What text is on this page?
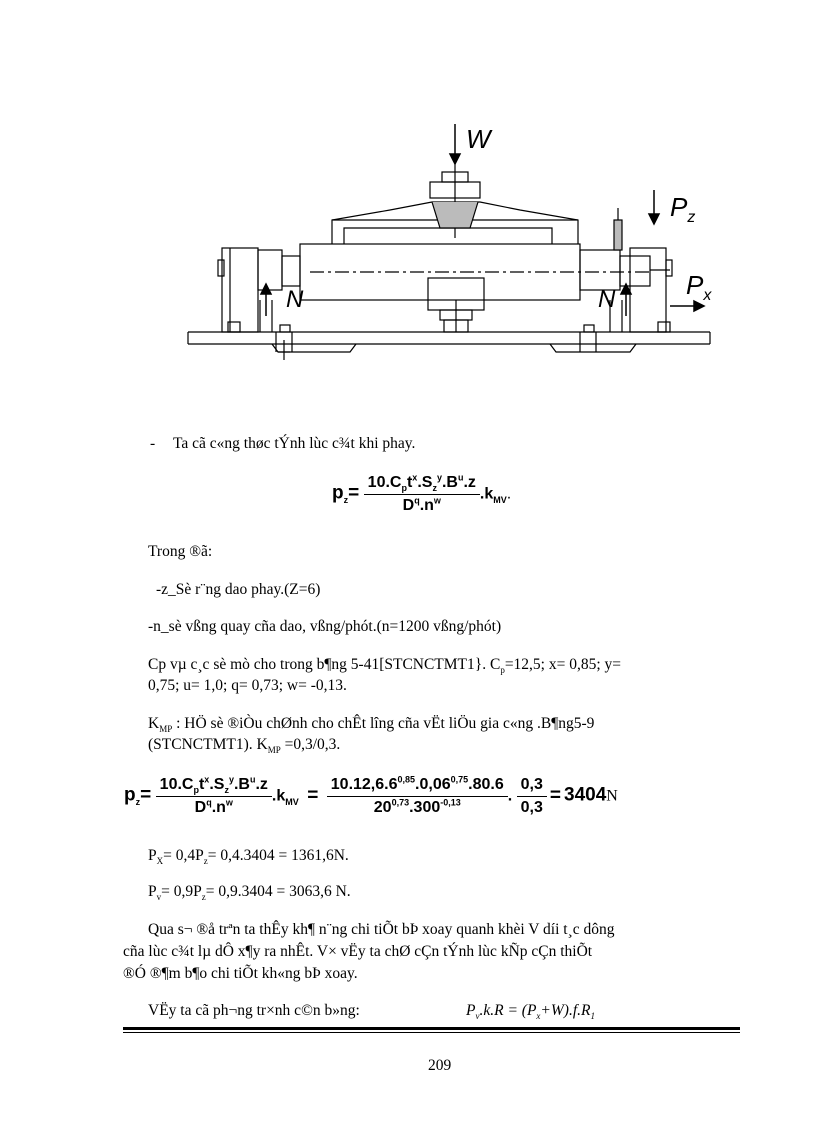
W
$P_z$
$P_x$
N	N
- Ta cã c«ng thøc tÝnh lùc c¾t khi phay.
$p_z= \frac{10.C_pt^x.S_z^y.B^u.z}{D^q.n^w} .k_{MV}$.
Trong ®ã:
-z_Sè r¨ng dao phay.(Z=6)
-n_sè vßng quay cña dao, vßng/phót.(n=1200 vßng/phót)
Cp vµ c¸c sè mò cho trong b¶ng 5-41[STCNCTMT1}. $C_p=12,5$; x= 0,85; y=
0,75; u= 1,0; q= 0,73; w= -0,13.
$K_{MP}$ : HÖ sè ®iÒu chØnh cho chÊt lîng cña vËt liÖu gia c«ng .B¶ng5-9
(STCNCTMT1). $K_{MP} =0,3/0,3$.
$p_z= \frac{10.C_pt^x.S_z^y.B^u.z}{D^q.n^w} .k_{MV} = \frac{10.12,6.6^{0,85}.0,06^{0,75}.80.6}{20^{0,73}.300^{-0,13}}$ . $\frac{0,3}{0,3} = 3404N$
$P_X= 0,4P_z= 0,4.3404 = 1361,6N$.
$P_v= 0,9P_z= 0,9.3404 = 3063,6$ N.
Qua s¬ ®å trªn ta thÊy kh¶ n¨ng chi tiÕt bÞ xoay quanh khèi V díi t¸c dông
cña lùc c¾t lµ dÔ x¶y ra nhÊt. V× vËy ta chØ cÇn tÝnh lùc kÑp cÇn thiÕt
®Ó ®¶m b¶o chi tiÕt kh«ng bÞ xoay.
VËy ta cã ph¬ng tr×nh c©n b»ng:	$P_v.k.R = (P_x+W).f.R_1$
209
